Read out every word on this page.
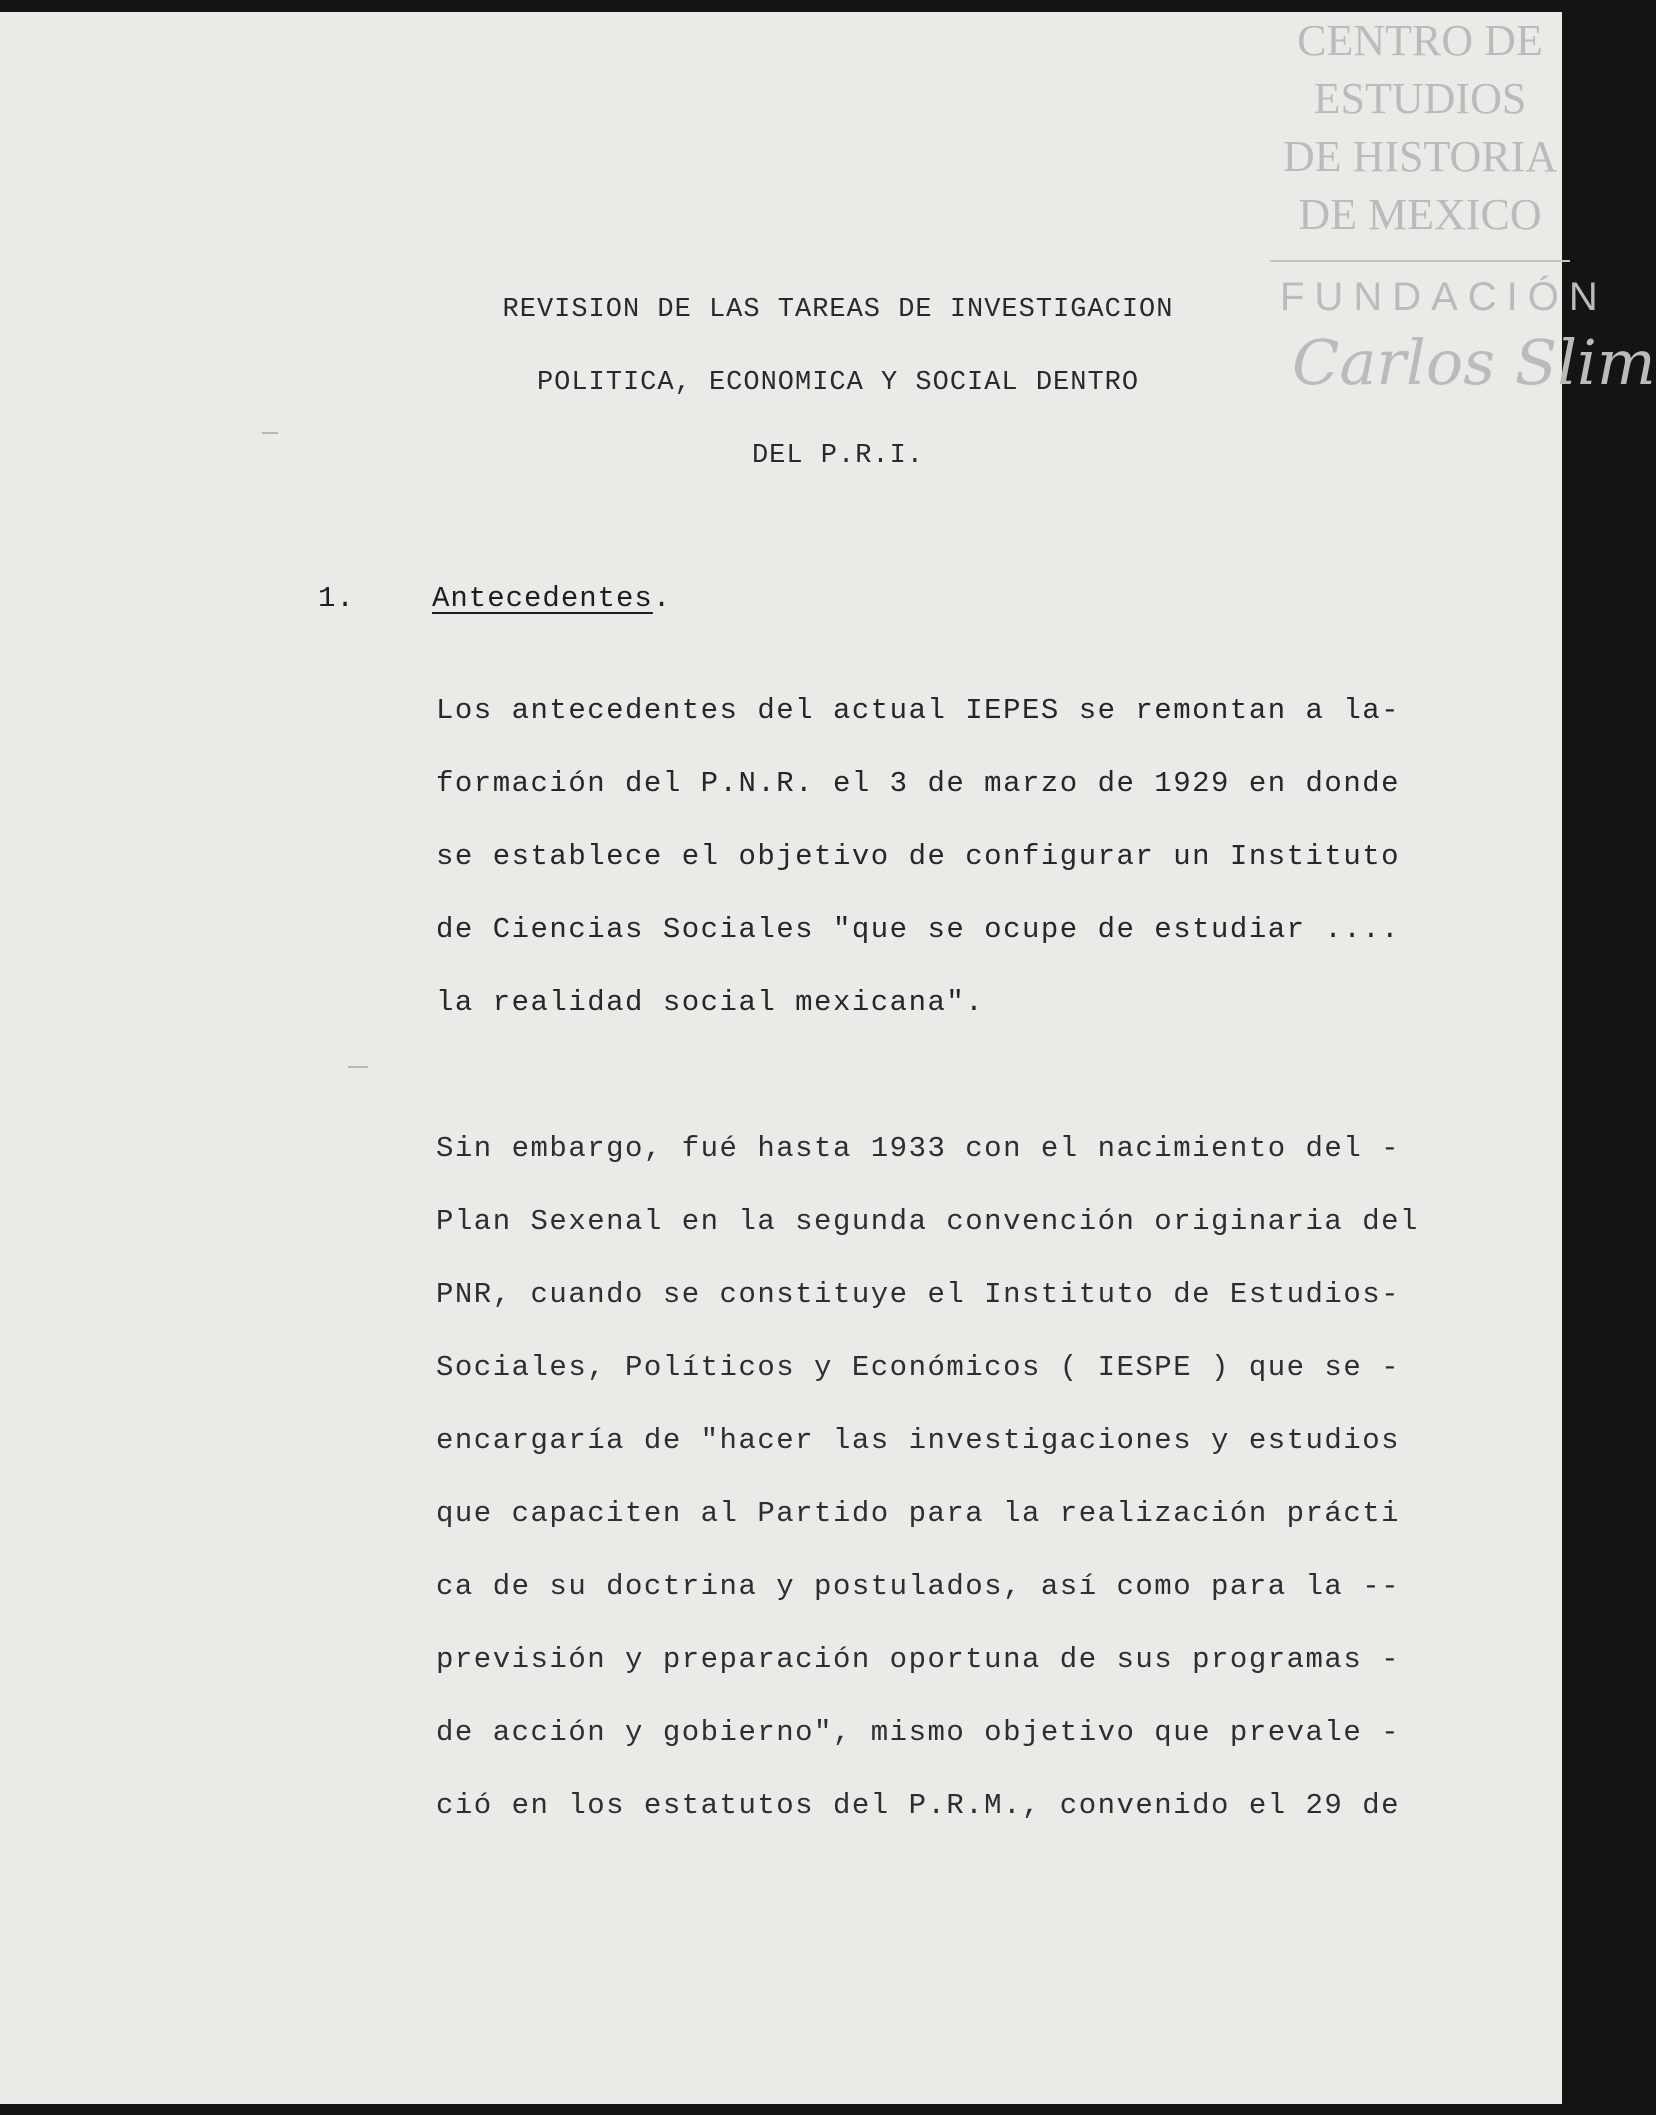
CENTRO DE
ESTUDIOS
DE HISTORIA
DE MEXICO
FUNDACIÓN
Carlos Slim
REVISION DE LAS TAREAS DE INVESTIGACION
POLITICA, ECONOMICA Y SOCIAL DENTRO
DEL P.R.I.
1.	Antecedentes.

Los antecedentes del actual IEPES se remontan a la-

formación del P.N.R. el 3 de marzo de 1929 en donde

se establece el objetivo de configurar un Instituto

de Ciencias Sociales "que se ocupe de estudiar ....

la realidad social mexicana".

Sin embargo, fué hasta 1933 con el nacimiento del -

Plan Sexenal en la segunda convención originaria del

PNR, cuando se constituye el Instituto de Estudios-

Sociales, Políticos y Económicos ( IESPE ) que se -

encargaría de "hacer las investigaciones y estudios

que capaciten al Partido para la realización prácti

ca de su doctrina y postulados, así como para la --

previsión y preparación oportuna de sus programas -

de acción y gobierno", mismo objetivo que prevale -

ció en los estatutos del P.R.M., convenido el 29 de
